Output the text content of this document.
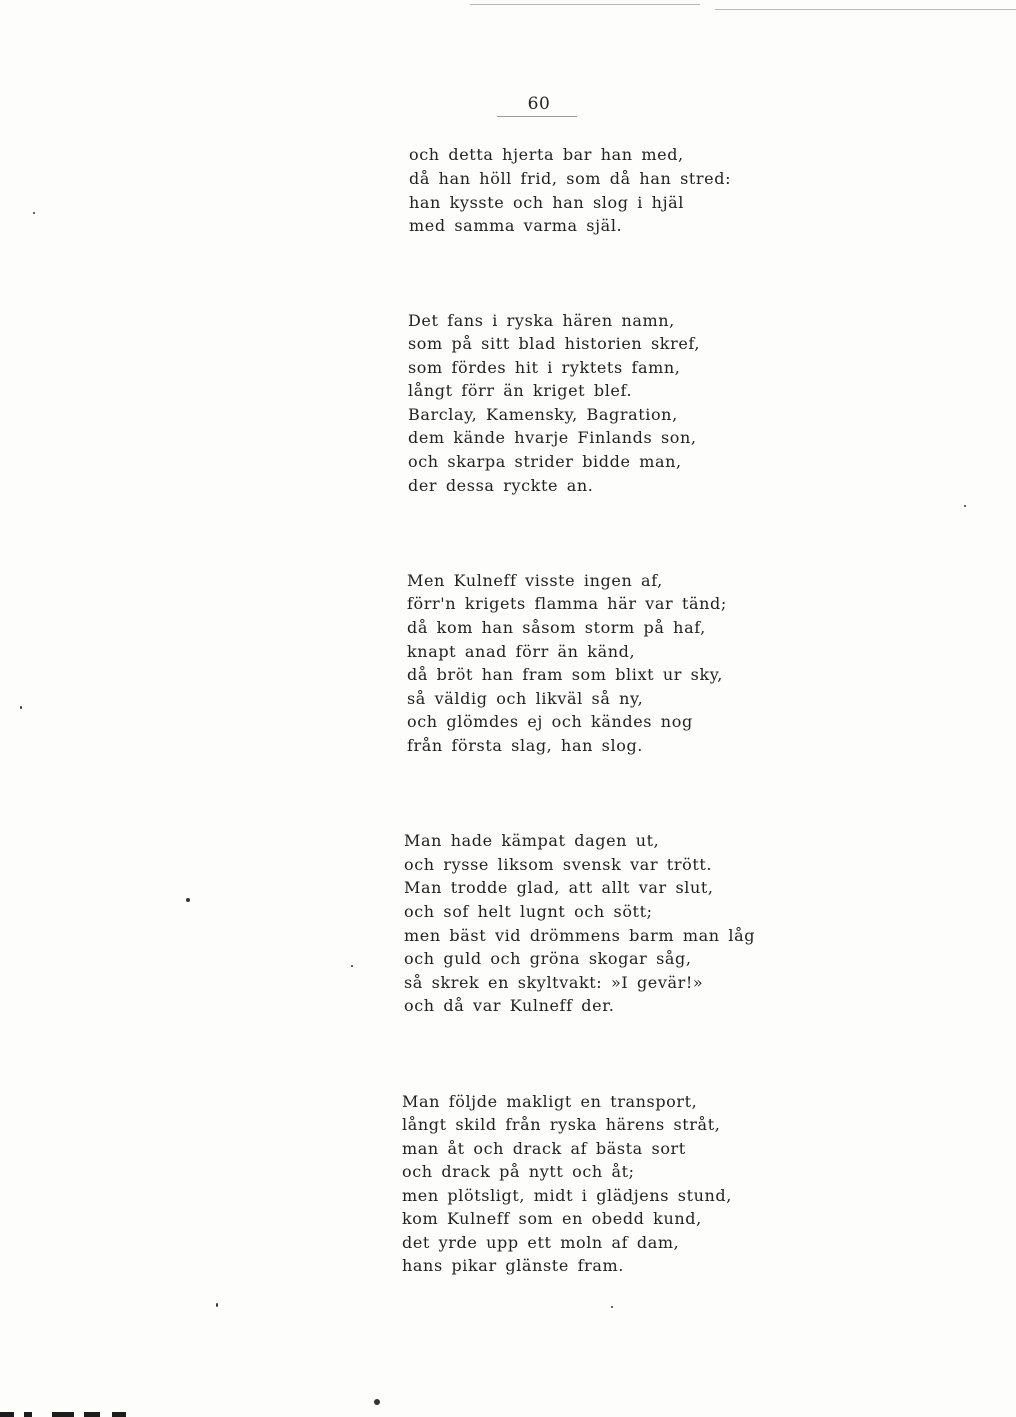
60
och detta hjerta bar han med,
då han höll frid, som då han stred:
han kysste och han slog i hjäl
med samma varma själ.
Det fans i ryska hären namn,
som på sitt blad historien skref,
som fördes hit i ryktets famn,
långt förr än kriget blef.
Barclay, Kamensky, Bagration,
dem kände hvarje Finlands son,
och skarpa strider bidde man,
der dessa ryckte an.
Men Kulneff visste ingen af,
förr'n krigets flamma här var tänd;
då kom han såsom storm på haf,
knapt anad förr än känd,
då bröt han fram som blixt ur sky,
så väldig och likväl så ny,
och glömdes ej och kändes nog
från första slag, han slog.
Man hade kämpat dagen ut,
och rysse liksom svensk var trött.
Man trodde glad, att allt var slut,
och sof helt lugnt och sött;
men bäst vid drömmens barm man låg
och guld och gröna skogar såg,
så skrek en skyltvakt: »I gevär!»
och då var Kulneff der.
Man följde makligt en transport,
långt skild från ryska härens stråt,
man åt och drack af bästa sort
och drack på nytt och åt;
men plötsligt, midt i glädjens stund,
kom Kulneff som en obedd kund,
det yrde upp ett moln af dam,
hans pikar glänste fram.
